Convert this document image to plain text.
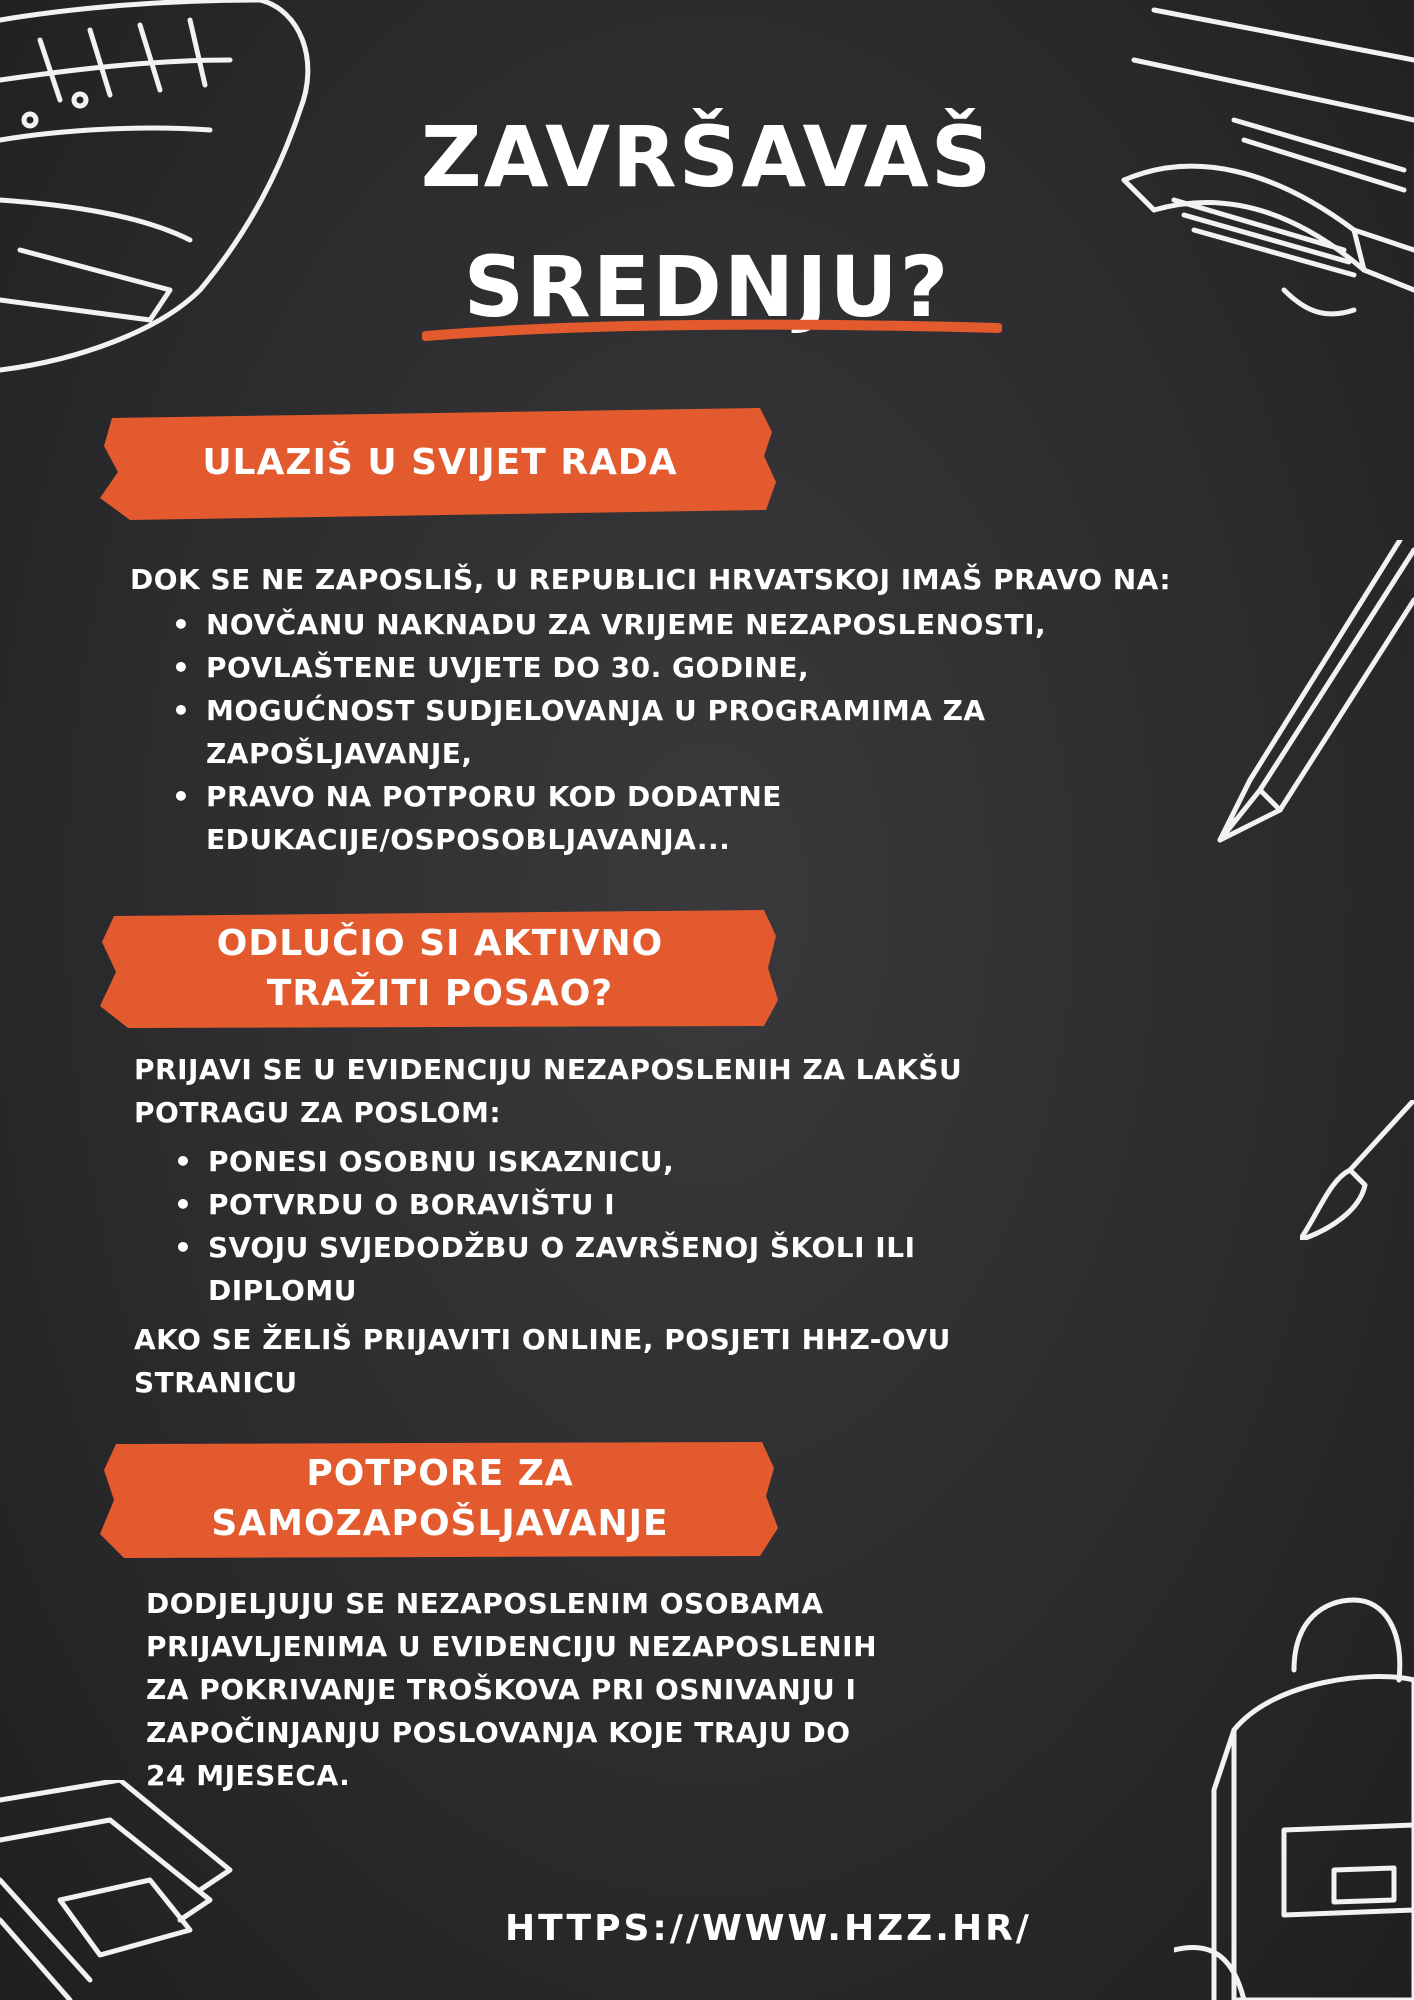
ZAVRŠAVAŠ
SREDNJU?
ULAZIŠ U SVIJET RADA

DOK SE NE ZAPOSLIŠ, U REPUBLICI HRVATSKOJ IMAŠ PRAVO NA:

• NOVČANU NAKNADU ZA VRIJEME NEZAPOSLENOSTI,
• POVLAŠTENE UVJETE DO 30. GODINE,
• MOGUĆNOST SUDJELOVANJA U PROGRAMIMA ZA
ZAPOŠLJAVANJE,
• PRAVO NA POTPORU KOD DODATNE
EDUKACIJE/OSPOSOBLJAVANJA...
ODLUČIO SI AKTIVNO
TRAŽITI POSAO?

PRIJAVI SE U EVIDENCIJU NEZAPOSLENIH ZA LAKŠU
POTRAGU ZA POSLOM:

• PONESI OSOBNU ISKAZNICU,
• POTVRDU O BORAVIŠTU I
• SVOJU SVJEDODŽBU O ZAVRŠENOJ ŠKOLI ILI
DIPLOMU

AKO SE ŽELIŠ PRIJAVITI ONLINE, POSJETI HHZ-OVU
STRANICU

POTPORE ZA
SAMOZAPOŠLJAVANJE

DODJELJUJU SE NEZAPOSLENIM OSOBAMA
PRIJAVLJENIMA U EVIDENCIJU NEZAPOSLENIH
ZA POKRIVANJE TROŠKOVA PRI OSNIVANJU I
ZAPOČINJANJU POSLOVANJA KOJE TRAJU DO
24 MJESECA.

HTTPS://WWW.HZZ.HR/
